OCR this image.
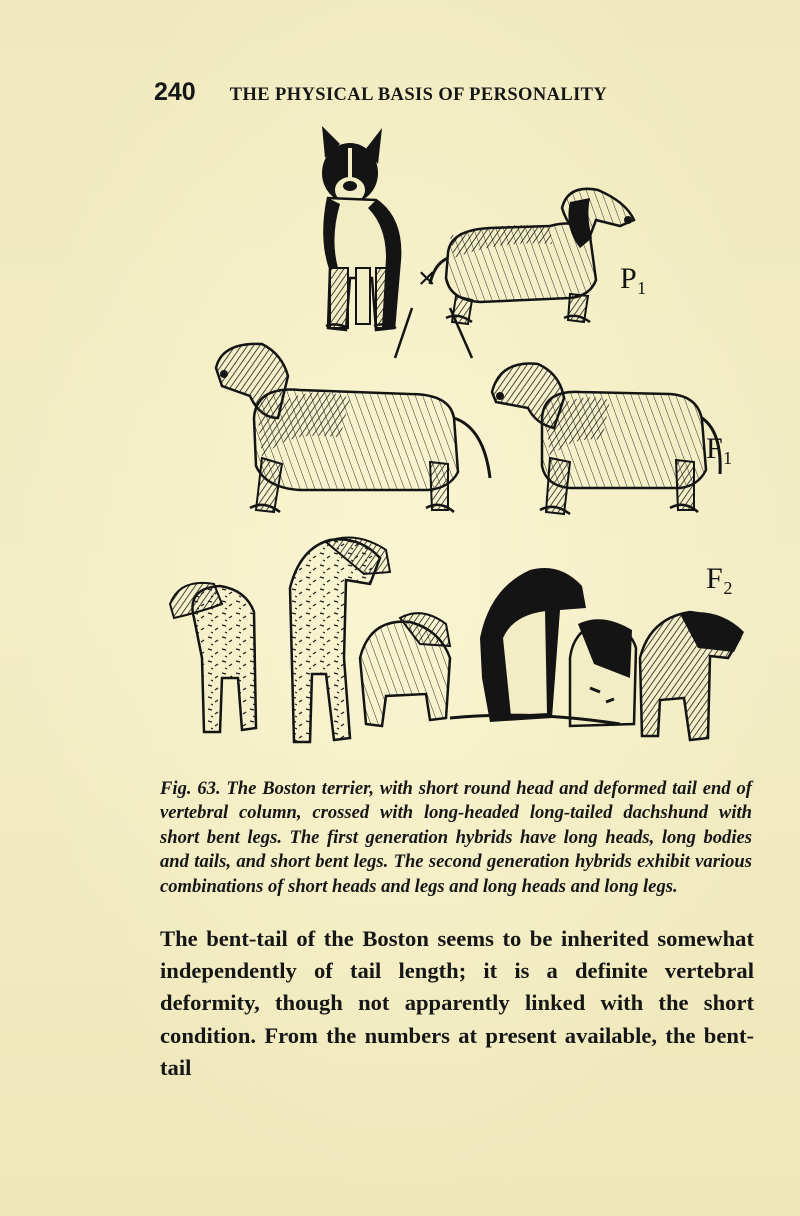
240 THE PHYSICAL BASIS OF PERSONALITY
×	P₁
F₁
F₂

Fig. 63. The Boston terrier, with short round head and deformed tail end of vertebral column, crossed with long-headed long-tailed dachshund with short bent legs. The first generation hybrids have long heads, long bodies and tails, and short bent legs. The second generation hybrids exhibit various combinations of short heads and legs and long heads and long legs.

The bent-tail of the Boston seems to be inherited somewhat independently of tail length; it is a definite vertebral deformity, though not apparently linked with the short condition. From the numbers at present available, the bent-tail
